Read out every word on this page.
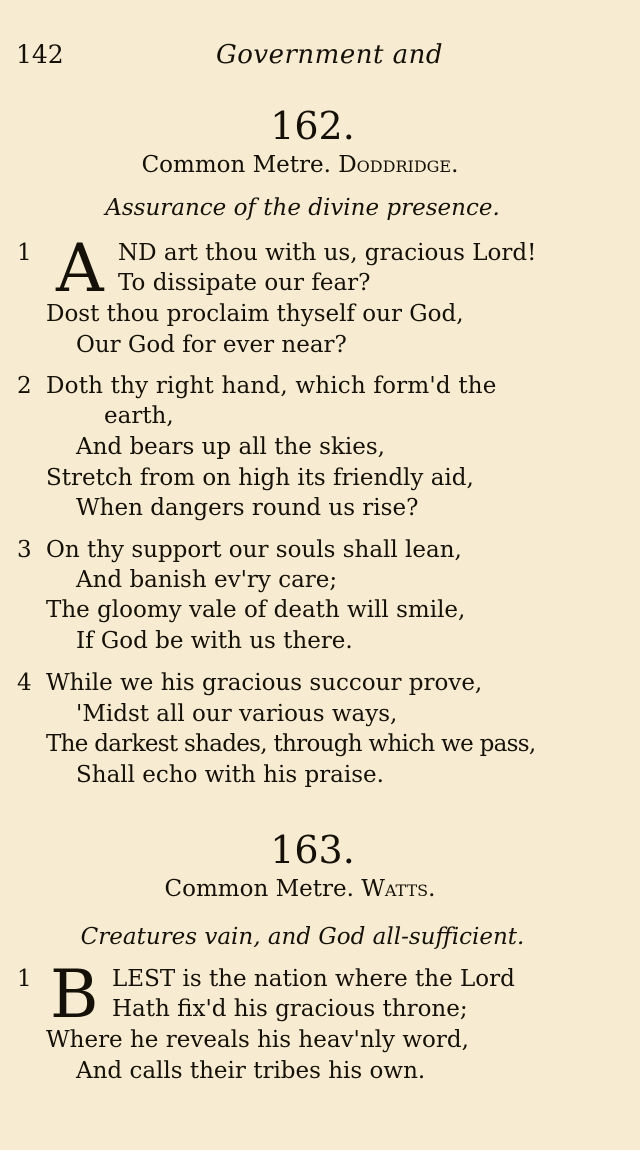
142	Government and
162.
Common Metre. Doddridge.
Assurance of the divine presence.
1 A ND art thou with us, gracious Lord!
To dissipate our fear?
Dost thou proclaim thyself our God,
Our God for ever near?
2 Doth thy right hand, which form'd the
earth,
And bears up all the skies,
Stretch from on high its friendly aid,
When dangers round us rise?
3 On thy support our souls shall lean,
And banish ev'ry care;
The gloomy vale of death will smile,
If God be with us there.
4 While we his gracious succour prove,
'Midst all our various ways,
The darkest shades, through which we pass,
Shall echo with his praise.
163.
Common Metre. Watts.
Creatures vain, and God all-sufficient.
1 B LEST is the nation where the Lord
Hath fix'd his gracious throne;
Where he reveals his heav'nly word,
And calls their tribes his own.
